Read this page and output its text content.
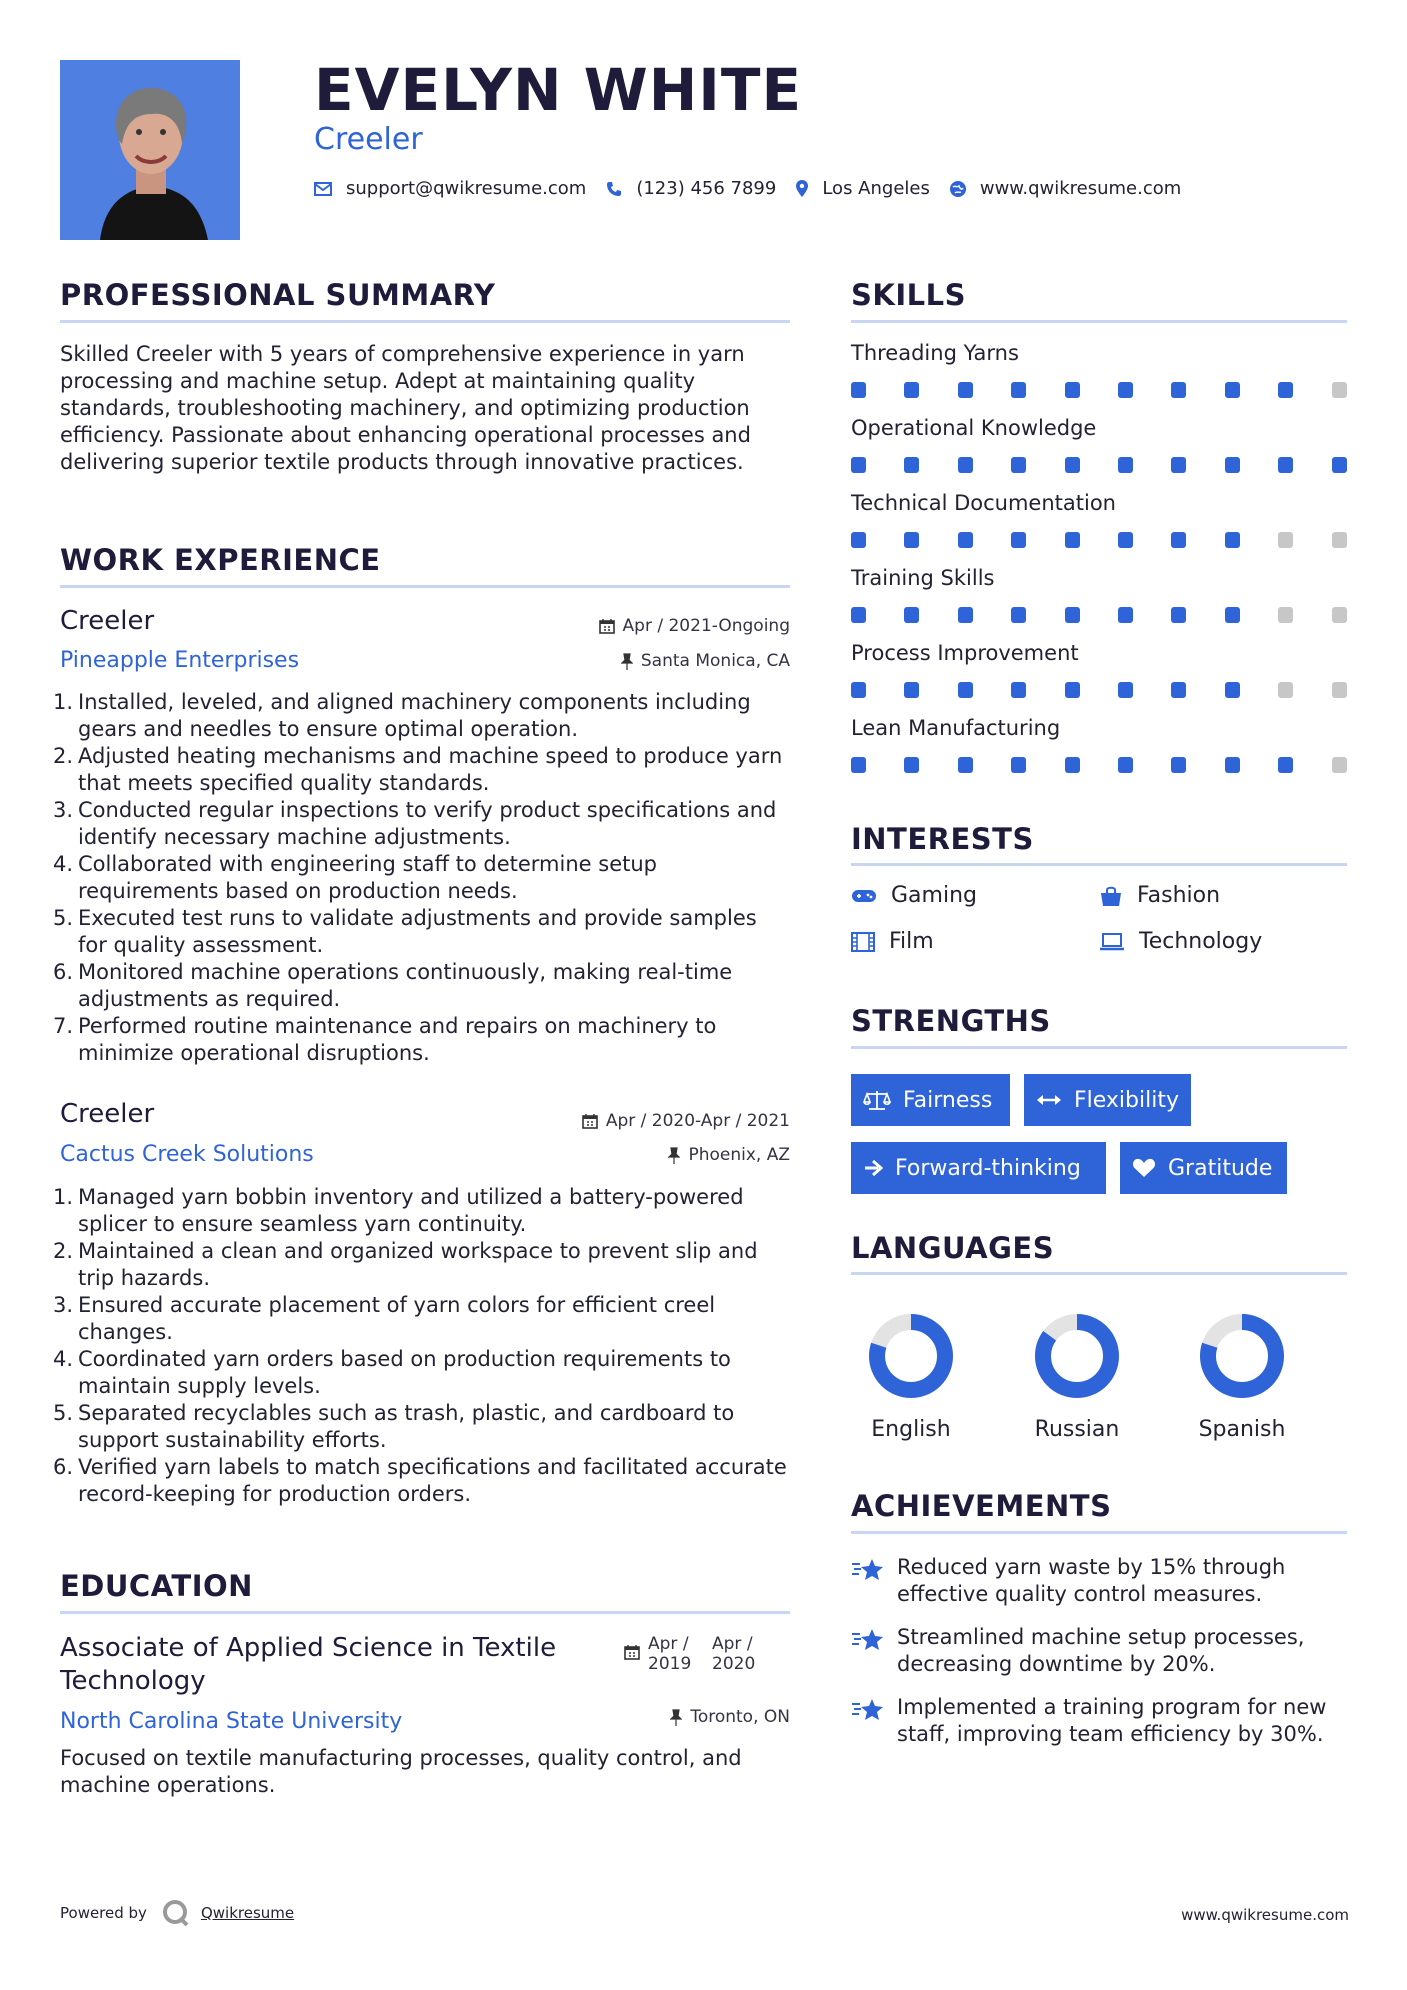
EVELYN WHITE
Creeler
support@qwikresume.com	(123) 456 7899	Los Angeles	www.qwikresume.com
PROFESSIONAL SUMMARY
Skilled Creeler with 5 years of comprehensive experience in yarn processing and machine setup. Adept at maintaining quality standards, troubleshooting machinery, and optimizing production efficiency. Passionate about enhancing operational processes and delivering superior textile products through innovative practices.
WORK EXPERIENCE
Creeler	Apr / 2021-Ongoing
Pineapple Enterprises	Santa Monica, CA
1. Installed, leveled, and aligned machinery components including gears and needles to ensure optimal operation.
2. Adjusted heating mechanisms and machine speed to produce yarn that meets specified quality standards.
3. Conducted regular inspections to verify product specifications and identify necessary machine adjustments.
4. Collaborated with engineering staff to determine setup requirements based on production needs.
5. Executed test runs to validate adjustments and provide samples for quality assessment.
6. Monitored machine operations continuously, making real-time adjustments as required.
7. Performed routine maintenance and repairs on machinery to minimize operational disruptions.
Creeler	Apr / 2020-Apr / 2021
Cactus Creek Solutions	Phoenix, AZ
1. Managed yarn bobbin inventory and utilized a battery-powered splicer to ensure seamless yarn continuity.
2. Maintained a clean and organized workspace to prevent slip and trip hazards.
3. Ensured accurate placement of yarn colors for efficient creel changes.
4. Coordinated yarn orders based on production requirements to maintain supply levels.
5. Separated recyclables such as trash, plastic, and cardboard to support sustainability efforts.
6. Verified yarn labels to match specifications and facilitated accurate record-keeping for production orders.
EDUCATION
Associate of Applied Science in Textile Technology
Apr / 2019
Apr / 2020
North Carolina State University	Toronto, ON
Focused on textile manufacturing processes, quality control, and machine operations.
SKILLS
Threading Yarns
Operational Knowledge
Technical Documentation
Training Skills
Process Improvement
Lean Manufacturing
INTERESTS
Gaming	Fashion
Film	Technology
STRENGTHS
Fairness	Flexibility
Forward-thinking	Gratitude
LANGUAGES
English	Russian	Spanish
ACHIEVEMENTS
Reduced yarn waste by 15% through effective quality control measures.
Streamlined machine setup processes, decreasing downtime by 20%.
Implemented a training program for new staff, improving team efficiency by 30%.
Powered by	Qwikresume	www.qwikresume.com
